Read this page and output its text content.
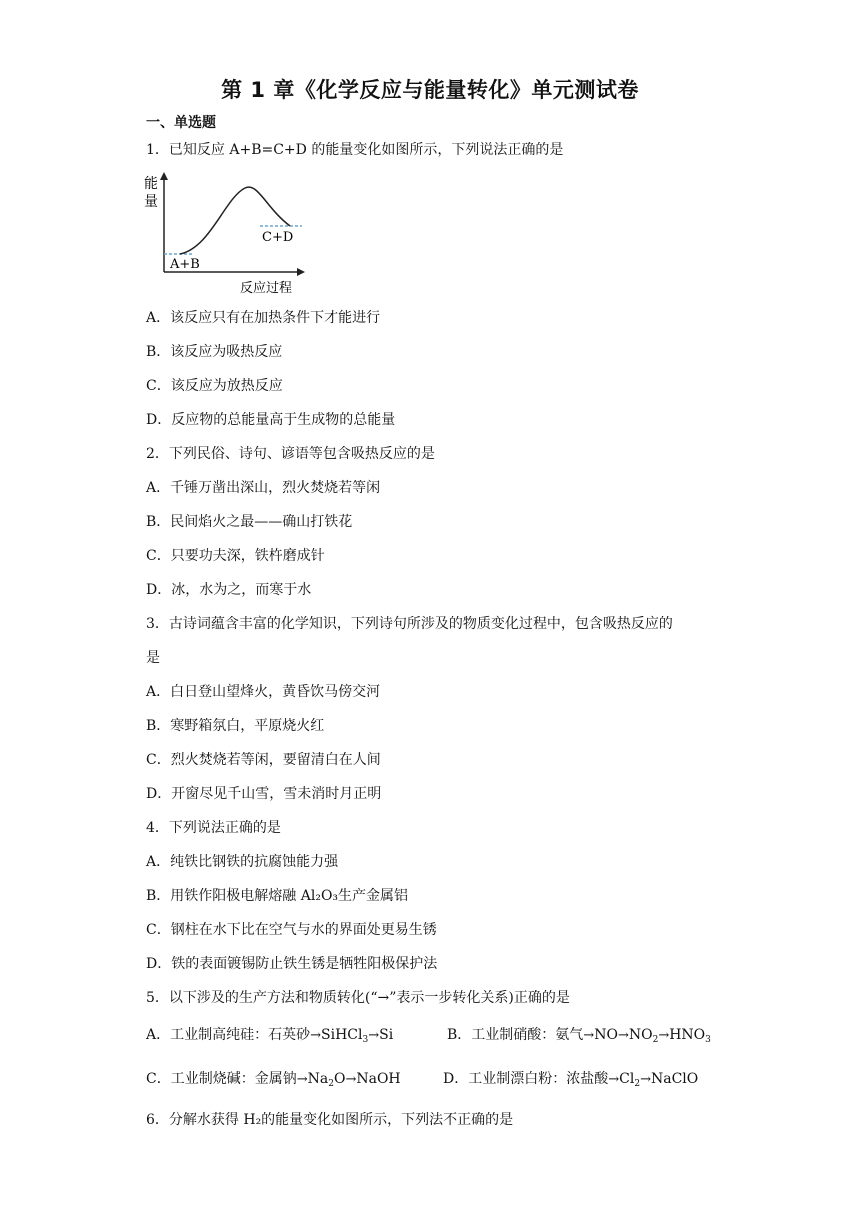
第 1 章《化学反应与能量转化》单元测试卷
一、单选题
1．已知反应 A+B=C+D 的能量变化如图所示，下列说法正确的是
能
量
C+D
A+B
反应过程
A．该反应只有在加热条件下才能进行
B．该反应为吸热反应
C．该反应为放热反应
D．反应物的总能量高于生成物的总能量
2．下列民俗、诗句、谚语等包含吸热反应的是
A．千锤万凿出深山，烈火焚烧若等闲
B．民间焰火之最——确山打铁花
C．只要功夫深，铁杵磨成针
D．冰，水为之，而寒于水
3．古诗词蕴含丰富的化学知识，下列诗句所涉及的物质变化过程中，包含吸热反应的
是
A．白日登山望烽火，黄昏饮马傍交河
B．寒野箱氛白，平原烧火红
C．烈火焚烧若等闲，要留清白在人间
D．开窗尽见千山雪，雪未消时月正明
4．下列说法正确的是
A．纯铁比钢铁的抗腐蚀能力强
B．用铁作阳极电解熔融 Al₂O₃生产金属铝
C．钢柱在水下比在空气与水的界面处更易生锈
D．铁的表面镀锡防止铁生锈是牺牲阳极保护法
5．以下涉及的生产方法和物质转化(“→”表示一步转化关系)正确的是
A．工业制高纯硅：石英砂→SiHCl$_3$→Si	B．工业制硝酸：氨气$\to NO\to NO_2\to HNO_3$
C．工业制烧碱：金属钠$\to Na_2O\to NaOH$	D．工业制漂白粉：浓盐酸$\to Cl_2\to NaClO$
6．分解水获得 H₂的能量变化如图所示，下列法不正确的是
